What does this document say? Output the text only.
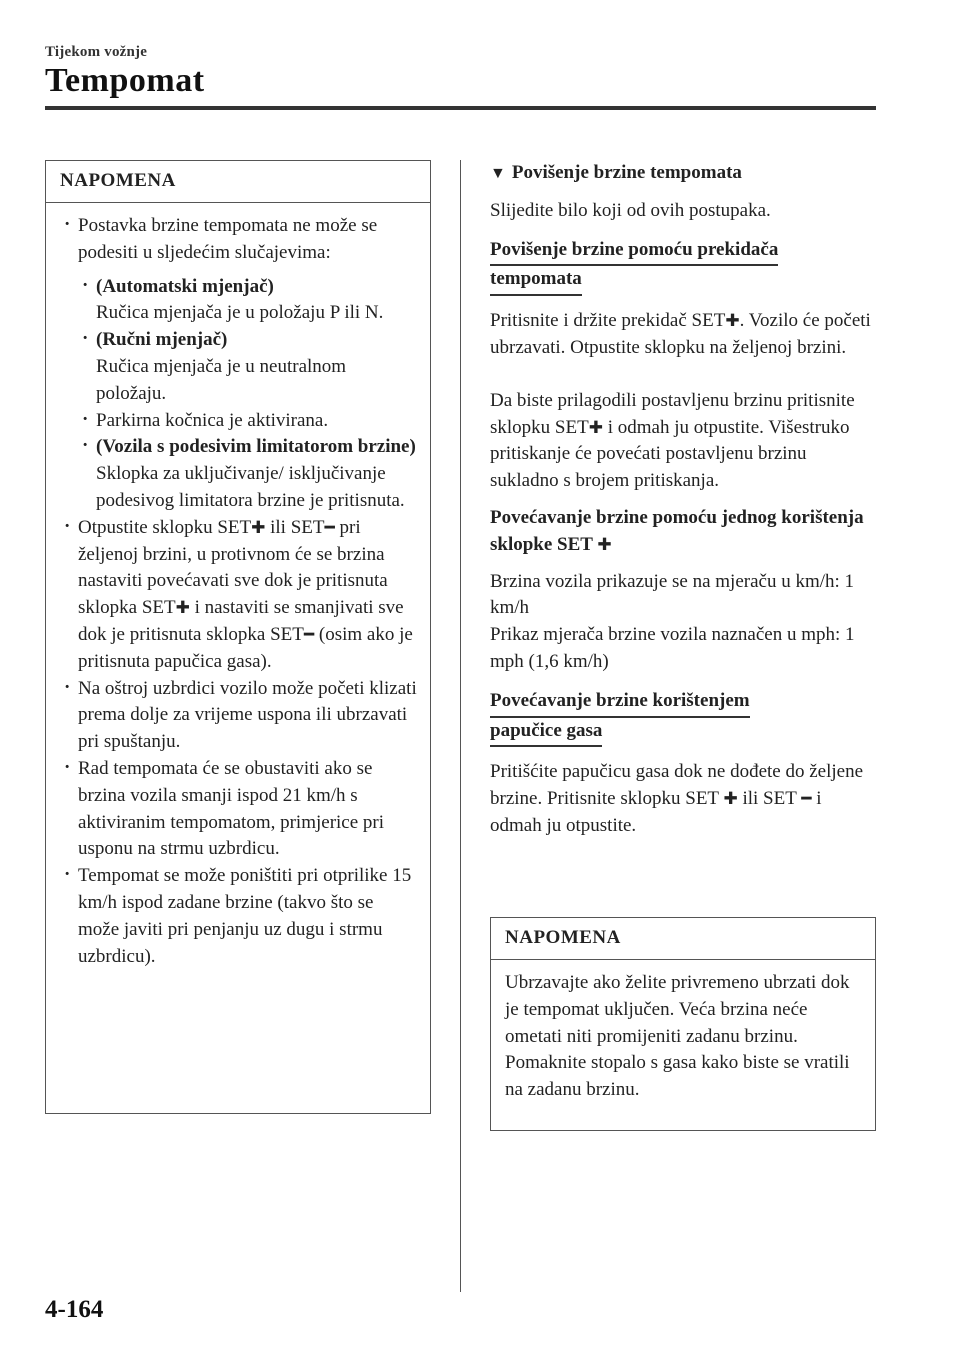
Tijekom vožnje
Tempomat
NAPOMENA
· Postavka brzine tempomata ne može se podesiti u sljedećim slučajevima:
· (Automatski mjenjač)
Ručica mjenjača je u položaju P ili N.
· (Ručni mjenjač)
Ručica mjenjača je u neutralnom položaju.
· Parkirna kočnica je aktivirana.
· (Vozila s podesivim limitatorom brzine)
Sklopka za uključivanje/ isključivanje podesivog limitatora brzine je pritisnuta.
· Otpustite sklopku SET✚ ili SET━ pri željenoj brzini, u protivnom će se brzina nastaviti povećavati sve dok je pritisnuta sklopka SET✚ i nastaviti se smanjivati sve dok je pritisnuta sklopka SET━ (osim ako je pritisnuta papučica gasa).
· Na oštroj uzbrdici vozilo može početi klizati prema dolje za vrijeme uspona ili ubrzavati pri spuštanju.
· Rad tempomata će se obustaviti ako se brzina vozila smanji ispod 21 km/h s aktiviranim tempomatom, primjerice pri usponu na strmu uzbrdicu.
· Tempomat se može poništiti pri otprilike 15 km/h ispod zadane brzine (takvo što se može javiti pri penjanju uz dugu i strmu uzbrdicu).
▼ Povišenje brzine tempomata
Slijedite bilo koji od ovih postupaka.
Povišenje brzine pomoću prekidača
tempomata
Pritisnite i držite prekidač SET✚. Vozilo će početi ubrzavati. Otpustite sklopku na željenoj brzini.
Da biste prilagodili postavljenu brzinu pritisnite sklopku SET✚ i odmah ju otpustite. Višestruko pritiskanje će povećati postavljenu brzinu sukladno s brojem pritiskanja.
Povećavanje brzine pomoću jednog korištenja sklopke SET ✚
Brzina vozila prikazuje se na mjeraču u km/h: 1 km/h
Prikaz mjerača brzine vozila naznačen u mph: 1 mph (1,6 km/h)
Povećavanje brzine korištenjem
papučice gasa
Pritišćite papučicu gasa dok ne dođete do željene brzine. Pritisnite sklopku SET ✚ ili SET ━ i odmah ju otpustite.
NAPOMENA
Ubrzavajte ako želite privremeno ubrzati dok je tempomat uključen. Veća brzina neće ometati niti promijeniti zadanu brzinu. Pomaknite stopalo s gasa kako biste se vratili na zadanu brzinu.
4-164
